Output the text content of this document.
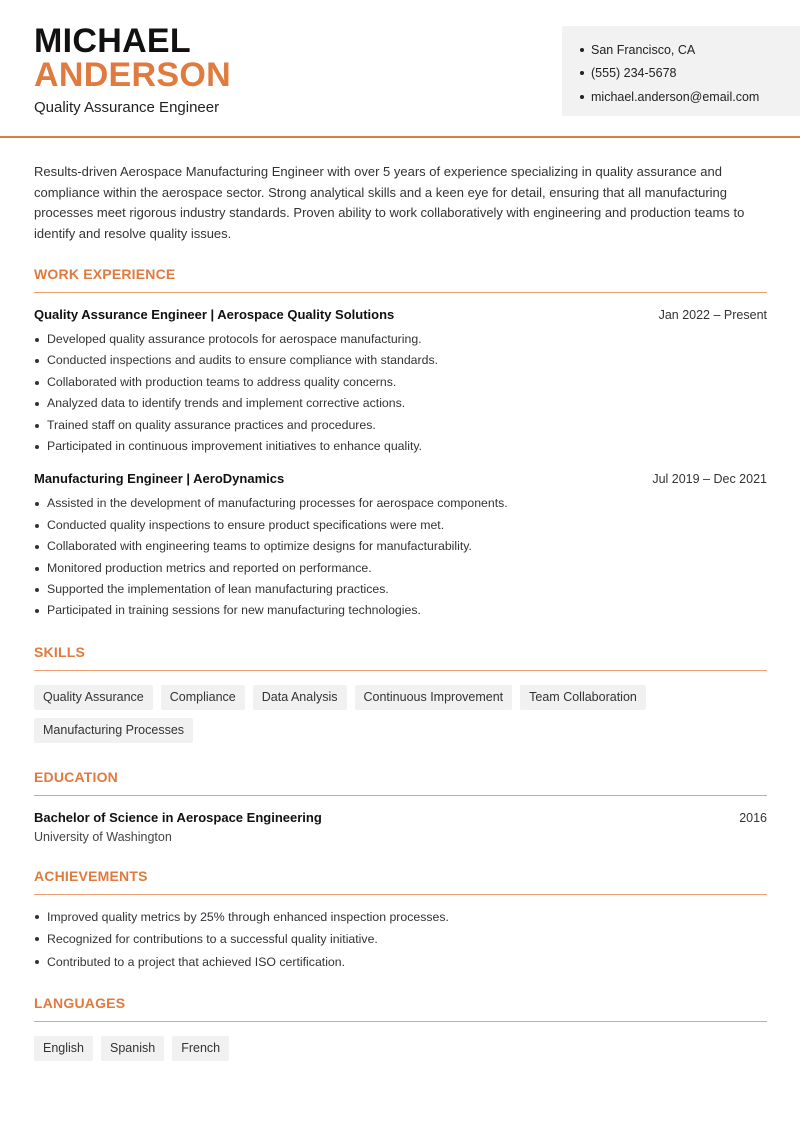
MICHAEL
ANDERSON
Quality Assurance Engineer
San Francisco, CA
(555) 234-5678
michael.anderson@email.com

Results-driven Aerospace Manufacturing Engineer with over 5 years of experience specializing in quality assurance and compliance within the aerospace sector. Strong analytical skills and a keen eye for detail, ensuring that all manufacturing processes meet rigorous industry standards. Proven ability to work collaboratively with engineering and production teams to identify and resolve quality issues.

WORK EXPERIENCE
Quality Assurance Engineer | Aerospace Quality Solutions	Jan 2022 – Present
Developed quality assurance protocols for aerospace manufacturing.
Conducted inspections and audits to ensure compliance with standards.
Collaborated with production teams to address quality concerns.
Analyzed data to identify trends and implement corrective actions.
Trained staff on quality assurance practices and procedures.
Participated in continuous improvement initiatives to enhance quality.
Manufacturing Engineer | AeroDynamics	Jul 2019 – Dec 2021
Assisted in the development of manufacturing processes for aerospace components.
Conducted quality inspections to ensure product specifications were met.
Collaborated with engineering teams to optimize designs for manufacturability.
Monitored production metrics and reported on performance.
Supported the implementation of lean manufacturing practices.
Participated in training sessions for new manufacturing technologies.
SKILLS
Quality Assurance	Compliance	Data Analysis	Continuous Improvement	Team Collaboration
Manufacturing Processes
EDUCATION
Bachelor of Science in Aerospace Engineering	2016
University of Washington
ACHIEVEMENTS
Improved quality metrics by 25% through enhanced inspection processes.
Recognized for contributions to a successful quality initiative.
Contributed to a project that achieved ISO certification.
LANGUAGES
English	Spanish	French
